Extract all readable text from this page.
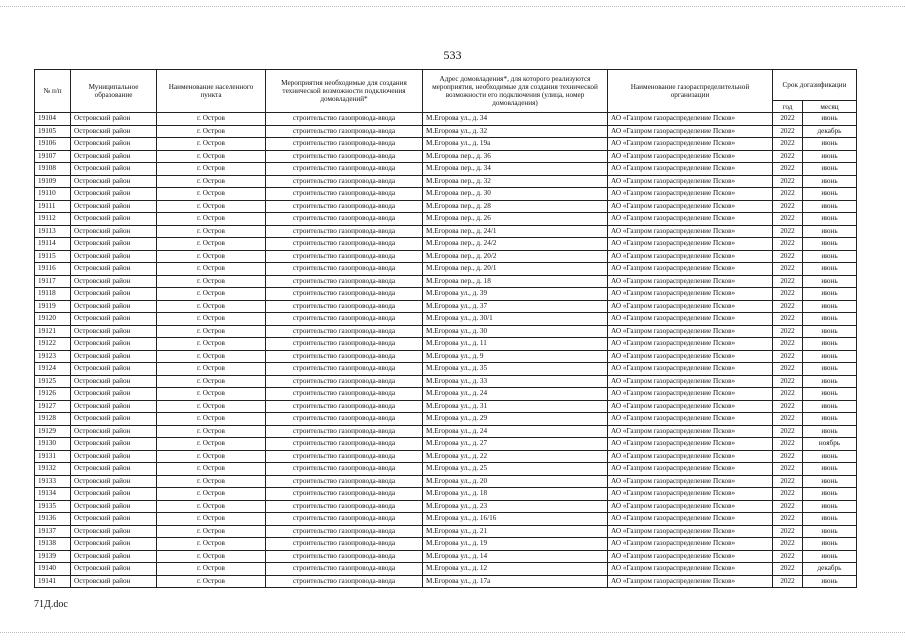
533
№ п/п	Муниципальное образование	Наименование населенного пункта	Мероприятия необходимые для создания технической возможности подключения домовладений*	Адрес домовладения*, для которого реализуются мероприятия, необходимые для создания технической возможности его подключения (улица, номер домовладения)	Наименование газораспределительной организации	Срок догазификации	
						год	месяц
19104	Островский район	г. Остров	строительство газопровода-ввода	М.Егорова ул., д. 34	АО «Газпром газораспределение Псков»	2022	июнь
19105	Островский район	г. Остров	строительство газопровода-ввода	М.Егорова ул., д. 32	АО «Газпром газораспределение Псков»	2022	декабрь
19106	Островский район	г. Остров	строительство газопровода-ввода	М.Егорова ул., д. 19а	АО «Газпром газораспределение Псков»	2022	июнь
19107	Островский район	г. Остров	строительство газопровода-ввода	М.Егорова пер., д. 36	АО «Газпром газораспределение Псков»	2022	июнь
19108	Островский район	г. Остров	строительство газопровода-ввода	М.Егорова пер., д. 34	АО «Газпром газораспределение Псков»	2022	июнь
19109	Островский район	г. Остров	строительство газопровода-ввода	М.Егорова пер., д. 32	АО «Газпром газораспределение Псков»	2022	июнь
19110	Островский район	г. Остров	строительство газопровода-ввода	М.Егорова пер., д. 30	АО «Газпром газораспределение Псков»	2022	июнь
19111	Островский район	г. Остров	строительство газопровода-ввода	М.Егорова пер., д. 28	АО «Газпром газораспределение Псков»	2022	июнь
19112	Островский район	г. Остров	строительство газопровода-ввода	М.Егорова пер., д. 26	АО «Газпром газораспределение Псков»	2022	июнь
19113	Островский район	г. Остров	строительство газопровода-ввода	М.Егорова пер., д. 24/1	АО «Газпром газораспределение Псков»	2022	июнь
19114	Островский район	г. Остров	строительство газопровода-ввода	М.Егорова пер., д. 24/2	АО «Газпром газораспределение Псков»	2022	июнь
19115	Островский район	г. Остров	строительство газопровода-ввода	М.Егорова пер., д. 20/2	АО «Газпром газораспределение Псков»	2022	июнь
19116	Островский район	г. Остров	строительство газопровода-ввода	М.Егорова пер., д. 20/1	АО «Газпром газораспределение Псков»	2022	июнь
19117	Островский район	г. Остров	строительство газопровода-ввода	М.Егорова пер., д. 18	АО «Газпром газораспределение Псков»	2022	июнь
19118	Островский район	г. Остров	строительство газопровода-ввода	М.Егорова ул., д. 39	АО «Газпром газораспределение Псков»	2022	июнь
19119	Островский район	г. Остров	строительство газопровода-ввода	М.Егорова ул., д. 37	АО «Газпром газораспределение Псков»	2022	июнь
19120	Островский район	г. Остров	строительство газопровода-ввода	М.Егорова ул., д. 30/1	АО «Газпром газораспределение Псков»	2022	июнь
19121	Островский район	г. Остров	строительство газопровода-ввода	М.Егорова ул., д. 30	АО «Газпром газораспределение Псков»	2022	июнь
19122	Островский район	г. Остров	строительство газопровода-ввода	М.Егорова ул., д. 11	АО «Газпром газораспределение Псков»	2022	июнь
19123	Островский район	г. Остров	строительство газопровода-ввода	М.Егорова ул., д. 9	АО «Газпром газораспределение Псков»	2022	июнь
19124	Островский район	г. Остров	строительство газопровода-ввода	М.Егорова ул., д. 35	АО «Газпром газораспределение Псков»	2022	июнь
19125	Островский район	г. Остров	строительство газопровода-ввода	М.Егорова ул., д. 33	АО «Газпром газораспределение Псков»	2022	июнь
19126	Островский район	г. Остров	строительство газопровода-ввода	М.Егорова ул., д. 24	АО «Газпром газораспределение Псков»	2022	июнь
19127	Островский район	г. Остров	строительство газопровода-ввода	М.Егорова ул., д. 31	АО «Газпром газораспределение Псков»	2022	июнь
19128	Островский район	г. Остров	строительство газопровода-ввода	М.Егорова ул., д. 29	АО «Газпром газораспределение Псков»	2022	июнь
19129	Островский район	г. Остров	строительство газопровода-ввода	М.Егорова ул., д. 24	АО «Газпром газораспределение Псков»	2022	июнь
19130	Островский район	г. Остров	строительство газопровода-ввода	М.Егорова ул., д. 27	АО «Газпром газораспределение Псков»	2022	ноябрь
19131	Островский район	г. Остров	строительство газопровода-ввода	М.Егорова ул., д. 22	АО «Газпром газораспределение Псков»	2022	июнь
19132	Островский район	г. Остров	строительство газопровода-ввода	М.Егорова ул., д. 25	АО «Газпром газораспределение Псков»	2022	июнь
19133	Островский район	г. Остров	строительство газопровода-ввода	М.Егорова ул., д. 20	АО «Газпром газораспределение Псков»	2022	июнь
19134	Островский район	г. Остров	строительство газопровода-ввода	М.Егорова ул., д. 18	АО «Газпром газораспределение Псков»	2022	июнь
19135	Островский район	г. Остров	строительство газопровода-ввода	М.Егорова ул., д. 23	АО «Газпром газораспределение Псков»	2022	июнь
19136	Островский район	г. Остров	строительство газопровода-ввода	М.Егорова ул., д. 16/16	АО «Газпром газораспределение Псков»	2022	июнь
19137	Островский район	г. Остров	строительство газопровода-ввода	М.Егорова ул., д. 21	АО «Газпром газораспределение Псков»	2022	июнь
19138	Островский район	г. Остров	строительство газопровода-ввода	М.Егорова ул., д. 19	АО «Газпром газораспределение Псков»	2022	июнь
19139	Островский район	г. Остров	строительство газопровода-ввода	М.Егорова ул., д. 14	АО «Газпром газораспределение Псков»	2022	июнь
19140	Островский район	г. Остров	строительство газопровода-ввода	М.Егорова ул., д. 12	АО «Газпром газораспределение Псков»	2022	декабрь
19141	Островский район	г. Остров	строительство газопровода-ввода	М.Егорова ул., д. 17а	АО «Газпром газораспределение Псков»	2022	июнь
71Д.doc
